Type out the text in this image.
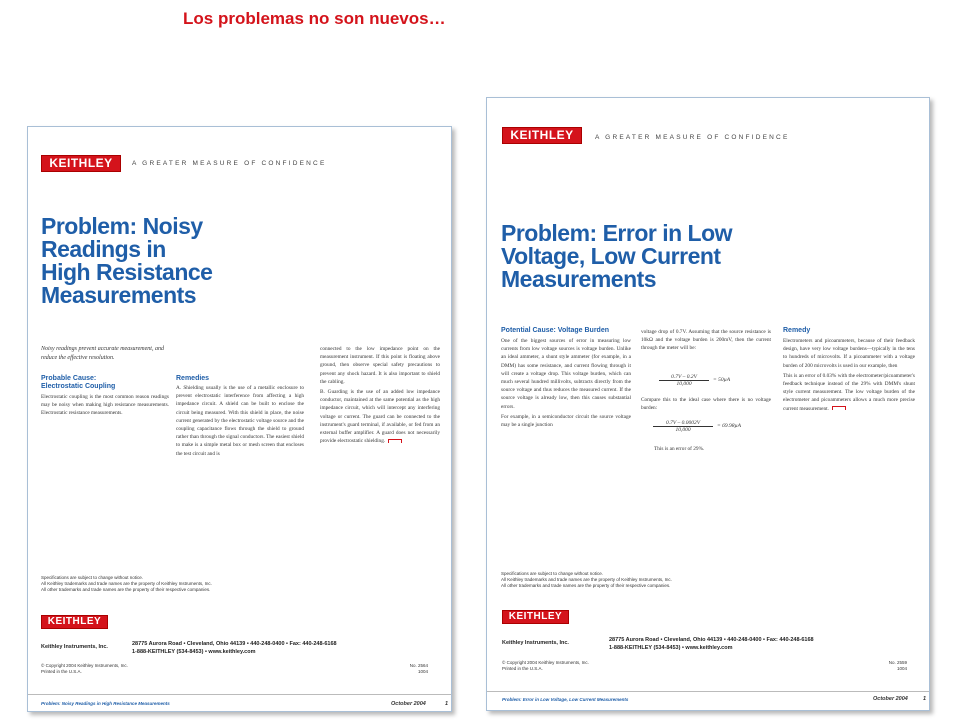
Los problemas no son nuevos…
KEITHLEY	A GREATER MEASURE OF CONFIDENCE
Problem: Noisy
Readings in
High Resistance
Measurements
Noisy readings prevent accurate measurement, and reduce the effective resolution.
Probable Cause:
Electrostatic Coupling
Electrostatic coupling is the most common reason readings may be noisy when making high resistance measurements. Electrostatic resistance measurements.
Remedies
A. Shielding usually is the use of a metallic enclosure to prevent electrostatic interference from affecting a high impedance circuit. A shield can be built to enclose the circuit being measured. With this shield in place, the noise current generated by the electrostatic voltage source and the coupling capacitance flows through the shield to ground rather than through the signal conductors. The easiest shield to make is a simple metal box or mesh screen that encloses the test circuit and is

connected to the low impedance point on the measurement instrument. If this point is floating above ground, then observe special safety precautions to prevent any shock hazard. It is also important to shield the cabling.

B. Guarding is the use of an added low impedance conductor, maintained at the same potential as the high impedance circuit, which will intercept any interfering voltage or current. The guard can be connected to the instrument's guard terminal, if available, or fed from an external buffer amplifier. A guard does not necessarily provide electrostatic shielding.

Specifications are subject to change without notice.
All Keithley trademarks and trade names are the property of Keithley Instruments, Inc.
All other trademarks and trade names are the property of their respective companies.
KEITHLEY
Keithley Instruments, Inc.	28775 Aurora Road • Cleveland, Ohio 44139 • 440-248-0400 • Fax: 440-248-6168
1-888-KEITHLEY (534-8453) • www.keithley.com
© Copyright 2004 Keithley Instruments, Inc.
Printed in the U.S.A.
No. 2564
1004
Problem: Noisy Readings in High Resistance Measurements	October 2004	1
KEITHLEY	A GREATER MEASURE OF CONFIDENCE
Problem: Error in Low
Voltage, Low Current
Measurements
Potential Cause: Voltage Burden

One of the biggest sources of error in measuring low currents from low voltage sources is voltage burden. Unlike an ideal ammeter, a shunt style ammeter (for example, in a DMM) has some resistance, and current flowing through it will create a voltage drop. This voltage burden, which can much several hundred millivolts, subtracts directly from the source voltage and thus reduces the measured current. If the source voltage is already low, then this causes substantial errors.

For example, in a semiconductor circuit the source voltage may be a single junction

voltage drop of 0.7V. Assuming that the source resistance is 10kΩ and the voltage burden is 200mV, then the current through the meter will be:
0.7V – 0.2V
10,000
= 50µA
Compare this to the ideal case where there is no voltage burden:
0.7V – 0.0002V
10,000
= 69.98µA
This is an error of 29%.
Remedy

Electrometers and picoammeters, because of their feedback design, have very low voltage burdens—typically in the tens to hundreds of microvolts. If a picoammeter with a voltage burden of 200 microvolts is used in our example, then

This is an error of 0.03% with the electrometer/picoammeter's feedback technique instead of the 29% with DMM's shunt style current measurement. The low voltage burden of the electrometer and picoammeters allows a much more precise current measurement.

Specifications are subject to change without notice.
All Keithley trademarks and trade names are the property of Keithley Instruments, Inc.
All other trademarks and trade names are the property of their respective companies.
KEITHLEY
Keithley Instruments, Inc.	28775 Aurora Road • Cleveland, Ohio 44139 • 440-248-0400 • Fax: 440-248-6168
1-888-KEITHLEY (534-8453) • www.keithley.com
© Copyright 2004 Keithley Instruments, Inc.
Printed in the U.S.A.
No. 2559
1004
Problem: Error in Low Voltage, Low Current Measurements	October 2004	1
